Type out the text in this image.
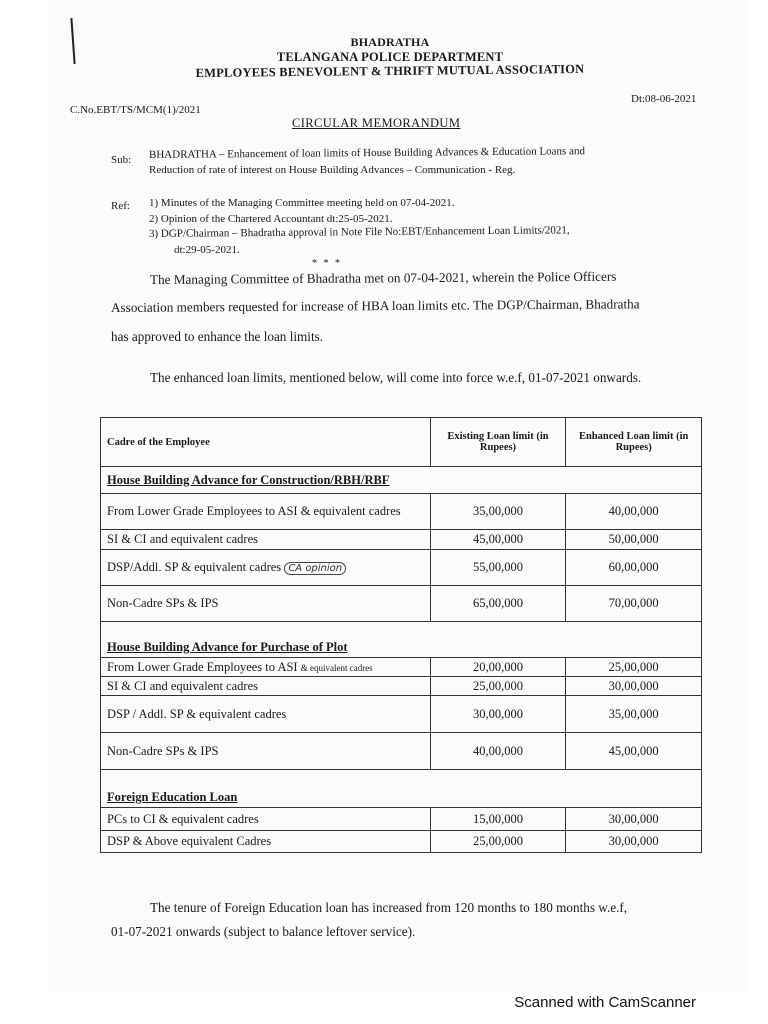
BHADRATHA
TELANGANA POLICE DEPARTMENT
EMPLOYEES BENEVOLENT & THRIFT MUTUAL ASSOCIATION
C.No.EBT/TS/MCM(1)/2021
Dt:08-06-2021
CIRCULAR MEMORANDUM
Sub: BHADRATHA – Enhancement of loan limits of House Building Advances & Education Loans and
Reduction of rate of interest on House Building Advances – Communication - Reg.
Ref: 1) Minutes of the Managing Committee meeting held on 07-04-2021.
2) Opinion of the Chartered Accountant dt:25-05-2021.
3) DGP/Chairman – Bhadratha approval in Note File No:EBT/Enhancement Loan Limits/2021,
dt:29-05-2021.
* * *
The Managing Committee of Bhadratha met on 07-04-2021, wherein the Police Officers
Association members requested for increase of HBA loan limits etc. The DGP/Chairman, Bhadratha
has approved to enhance the loan limits.
The enhanced loan limits, mentioned below, will come into force w.e.f, 01-07-2021 onwards.
Cadre of the Employee	Existing Loan limit (in Rupees)	Enhanced Loan limit (in Rupees)
House Building Advance for Construction/RBH/RBF		
From Lower Grade Employees to ASI & equivalent cadres	35,00,000	40,00,000
SI & CI and equivalent cadres	45,00,000	50,00,000
DSP/Addl. SP & equivalent cadres CA opinion	55,00,000	60,00,000
Non-Cadre SPs & IPS	65,00,000	70,00,000
House Building Advance for Purchase of Plot		
From Lower Grade Employees to ASI & equivalent cadres	20,00,000	25,00,000
SI & CI and equivalent cadres	25,00,000	30,00,000
DSP / Addl. SP & equivalent cadres	30,00,000	35,00,000
Non-Cadre SPs & IPS	40,00,000	45,00,000
Foreign Education Loan		
PCs to CI & equivalent cadres	15,00,000	30,00,000
DSP & Above equivalent Cadres	25,00,000	30,00,000
The tenure of Foreign Education loan has increased from 120 months to 180 months w.e.f,
01-07-2021 onwards (subject to balance leftover service).
Scanned with CamScanner
